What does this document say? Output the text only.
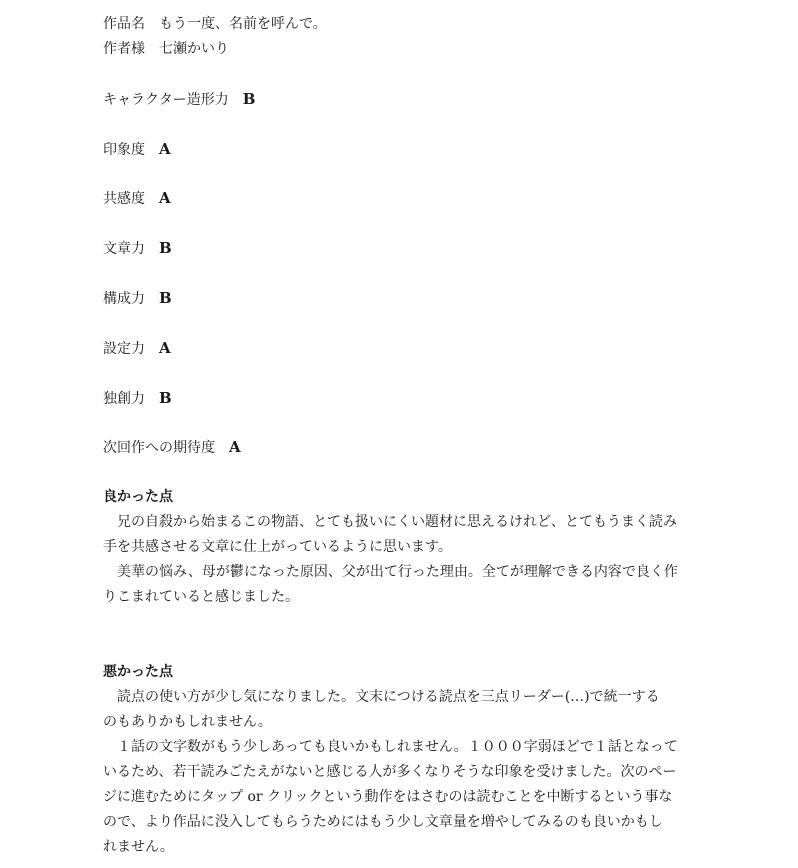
作品名 もう一度、名前を呼んで。
作者様 七瀬かいり
キャラクター造形力 B
印象度 A
共感度 A
文章力 B
構成力 B
設定力 A
独創力 B
次回作への期待度 A
良かった点
　兄の自殺から始まるこの物語、とても扱いにくい題材に思えるけれど、とてもうまく読み
手を共感させる文章に仕上がっているように思います。
　美華の悩み、母が鬱になった原因、父が出て行った理由。全てが理解できる内容で良く作
りこまれていると感じました。
悪かった点
　読点の使い方が少し気になりました。文末につける読点を三点リーダー(…)で統一する
のもありかもしれません。
　１話の文字数がもう少しあっても良いかもしれません。１０００字弱ほどで１話となって
いるため、若干読みごたえがないと感じる人が多くなりそうな印象を受けました。次のペー
ジに進むためにタップ or クリックという動作をはさむのは読むことを中断するという事な
ので、より作品に没入してもらうためにはもう少し文章量を増やしてみるのも良いかもし
れません。
